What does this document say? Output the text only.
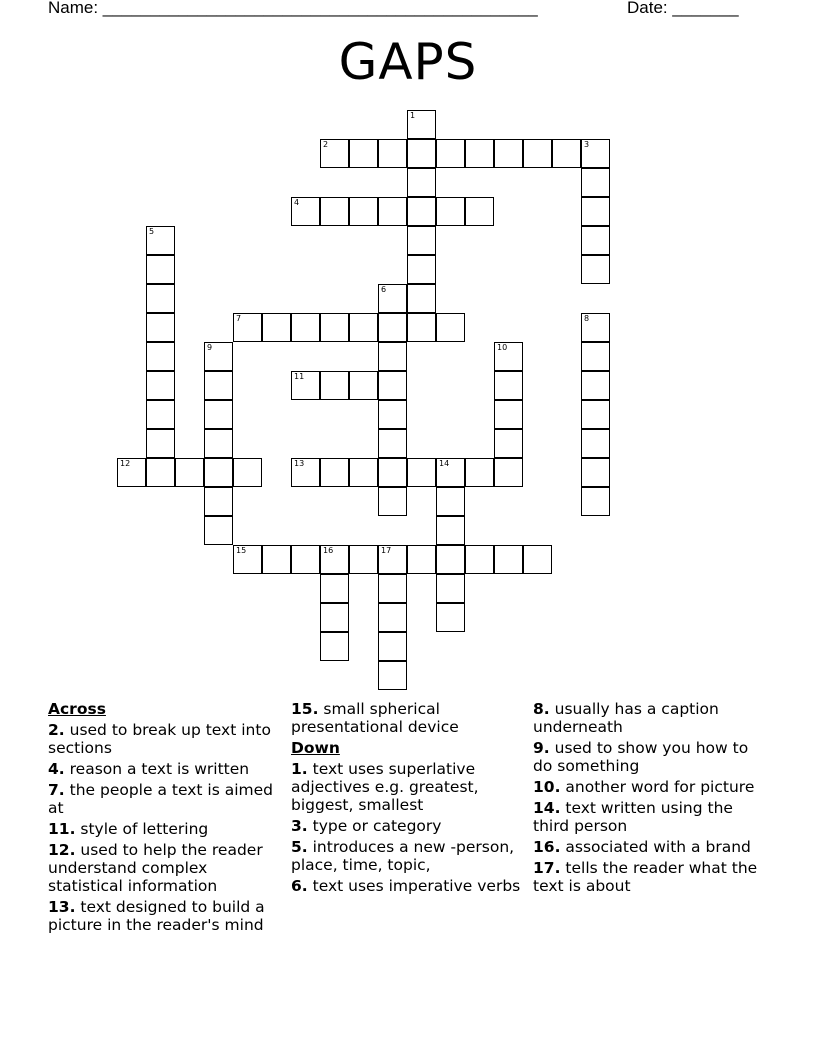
Name: ______________________________________________	Date: _______
GAPS
1
2	3
4
5
6
7	8
9	10
11
12	13	14
15	16	17
Across
2. used to break up text into sections
4. reason a text is written
7. the people a text is aimed at
11. style of lettering
12. used to help the reader understand complex statistical information
13. text designed to build a picture in the reader's mind
15. small spherical presentational device
Down
1. text uses superlative adjectives e.g. greatest, biggest, smallest
3. type or category
5. introduces a new -person, place, time, topic,
6. text uses imperative verbs
8. usually has a caption underneath
9. used to show you how to do something
10. another word for picture
14. text written using the third person
16. associated with a brand
17. tells the reader what the text is about
